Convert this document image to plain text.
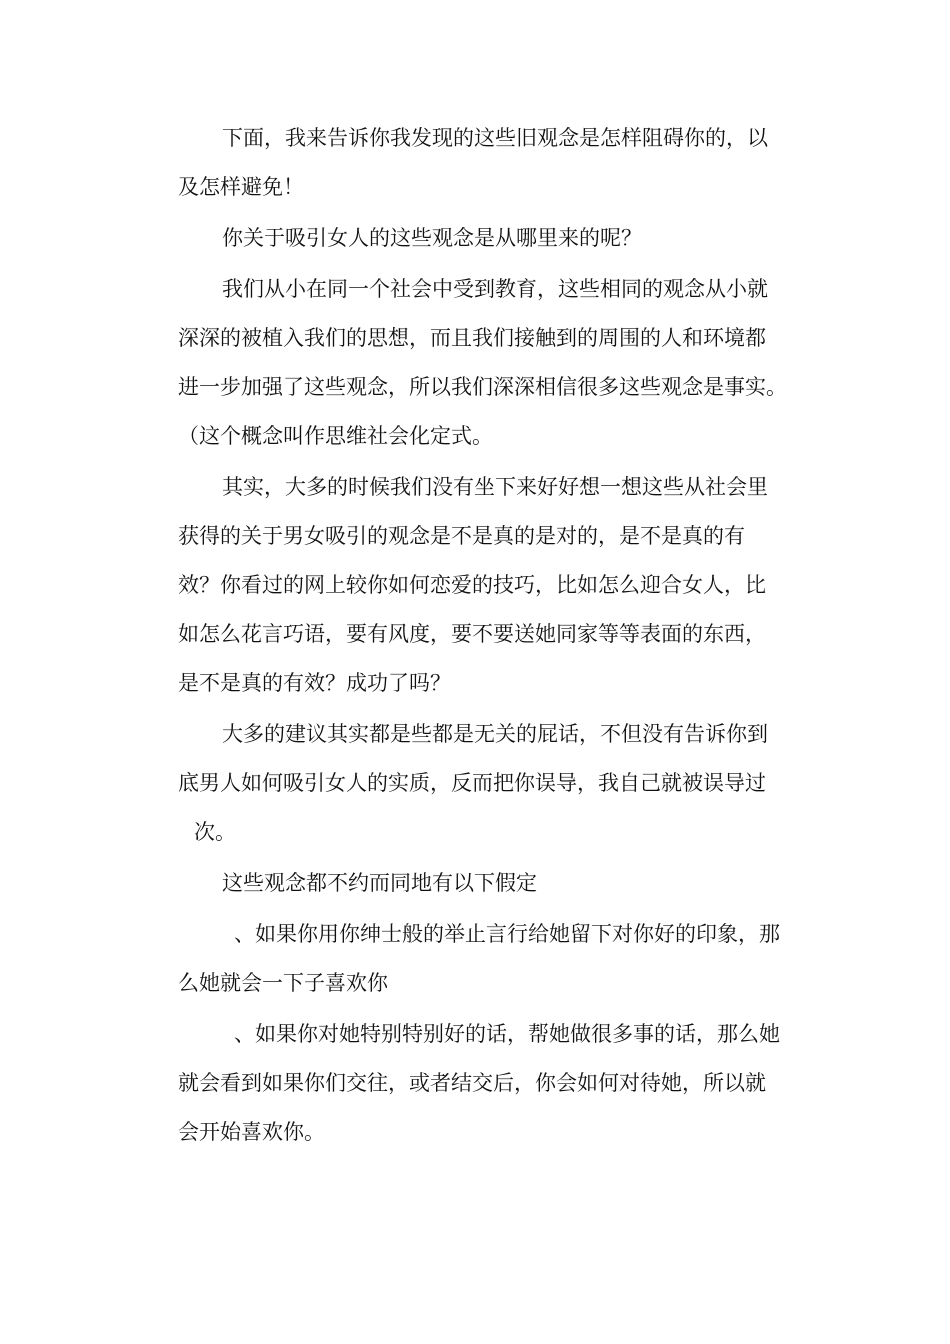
下面，我来告诉你我发现的这些旧观念是怎样阻碍你的，以
及怎样避免！
你关于吸引女人的这些观念是从哪里来的呢？
我们从小在同一个社会中受到教育，这些相同的观念从小就
深深的被植入我们的思想，而且我们接触到的周围的人和环境都
进一步加强了这些观念，所以我们深深相信很多这些观念是事实。
（这个概念叫作思维社会化定式。
其实，大多的时候我们没有坐下来好好想一想这些从社会里
获得的关于男女吸引的观念是不是真的是对的，是不是真的有
效？你看过的网上较你如何恋爱的技巧，比如怎么迎合女人，比
如怎么花言巧语，要有风度，要不要送她同家等等表面的东西，
是不是真的有效？成功了吗？
大多的建议其实都是些都是无关的屁话，不但没有告诉你到
底男人如何吸引女人的实质，反而把你误导，我自己就被误导过
次。
这些观念都不约而同地有以下假定
、如果你用你绅士般的举止言行给她留下对你好的印象，那
么她就会一下子喜欢你
、如果你对她特别特别好的话，帮她做很多事的话，那么她
就会看到如果你们交往，或者结交后，你会如何对待她，所以就
会开始喜欢你。
